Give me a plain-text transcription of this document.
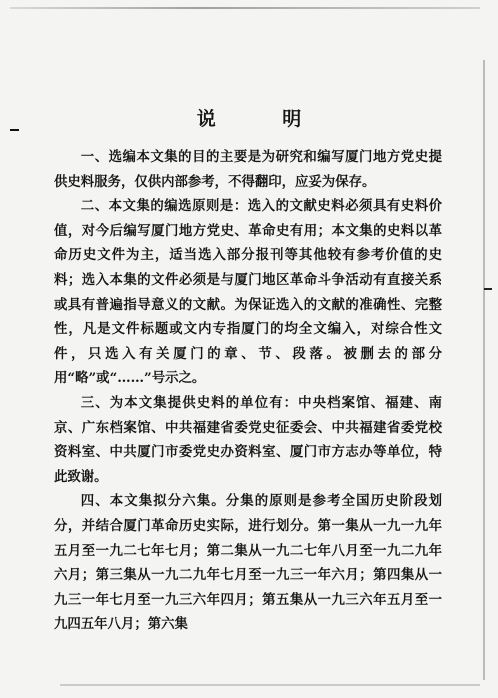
说 明

一、选编本文集的目的主要是为研究和编写厦门地方党史提供史料服务，仅供内部参考，不得翻印，应妥为保存。

二、本文集的编选原则是：选入的文献史料必须具有史料价值，对今后编写厦门地方党史、革命史有用；本文集的史料以革命历史文件为主，适当选入部分报刊等其他较有参考价值的史料；选入本集的文件必须是与厦门地区革命斗争活动有直接关系或具有普遍指导意义的文献。为保证选入的文献的准确性、完整性，凡是文件标题或文内专指厦门的均全文编入，对综合性文件，只选入有关厦门的章、节、段落。被删去的部分用“略”或“……”号示之。

三、为本文集提供史料的单位有：中央档案馆、福建、南京、广东档案馆、中共福建省委党史征委会、中共福建省委党校资料室、中共厦门市委党史办资料室、厦门市方志办等单位，特此致谢。

四、本文集拟分六集。分集的原则是参考全国历史阶段划分，并结合厦门革命历史实际，进行划分。第一集从一九一九年五月至一九二七年七月；第二集从一九二七年八月至一九二九年六月；第三集从一九二九年七月至一九三一年六月；第四集从一九三一年七月至一九三六年四月；第五集从一九三六年五月至一九四五年八月；第六集
